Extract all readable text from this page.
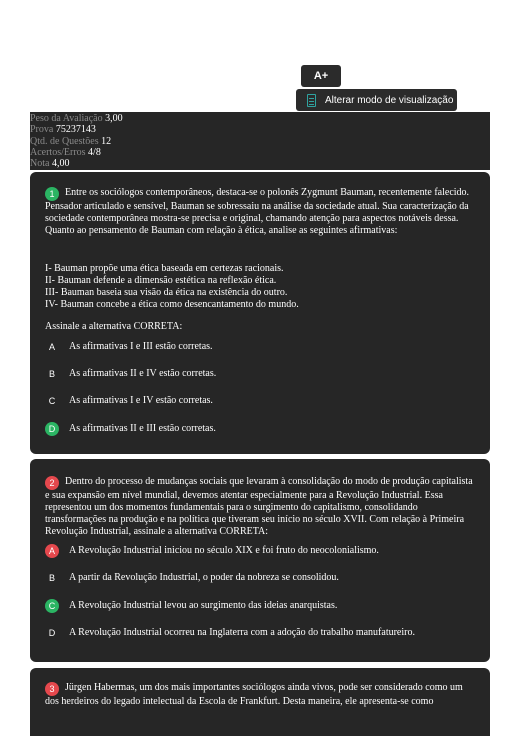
A+
Alterar modo de visualização
Peso da Avaliação 3,00
Prova 75237143
Qtd. de Questões 12
Acertos/Erros 4/8
Nota 4,00

1 Entre os sociólogos contemporâneos, destaca-se o polonês Zygmunt Bauman, recentemente falecido. Pensador articulado e sensível, Bauman se sobressaiu na análise da sociedade atual. Sua caracterização da sociedade contemporânea mostra-se precisa e original, chamando atenção para aspectos notáveis dessa. Quanto ao pensamento de Bauman com relação à ética, analise as seguintes afirmativas:

I- Bauman propõe uma ética baseada em certezas racionais.

II- Bauman defende a dimensão estética na reflexão ética.

III- Bauman baseia sua visão da ética na existência do outro.

IV- Bauman concebe a ética como desencantamento do mundo.

Assinale a alternativa CORRETA:

A	As afirmativas I e III estão corretas.
B	As afirmativas II e IV estão corretas.
C	As afirmativas I e IV estão corretas.
D	As afirmativas II e III estão corretas.

2 Dentro do processo de mudanças sociais que levaram à consolidação do modo de produção capitalista e sua expansão em nível mundial, devemos atentar especialmente para a Revolução Industrial. Essa representou um dos momentos fundamentais para o surgimento do capitalismo, consolidando transformações na produção e na política que tiveram seu início no século XVII. Com relação à Primeira Revolução Industrial, assinale a alternativa CORRETA:

A	A Revolução Industrial iniciou no século XIX e foi fruto do neocolonialismo.
B	A partir da Revolução Industrial, o poder da nobreza se consolidou.
C	A Revolução Industrial levou ao surgimento das ideias anarquistas.
D	A Revolução Industrial ocorreu na Inglaterra com a adoção do trabalho manufatureiro.

3 Jürgen Habermas, um dos mais importantes sociólogos ainda vivos, pode ser considerado como um dos herdeiros do legado intelectual da Escola de Frankfurt. Desta maneira, ele apresenta-se como
